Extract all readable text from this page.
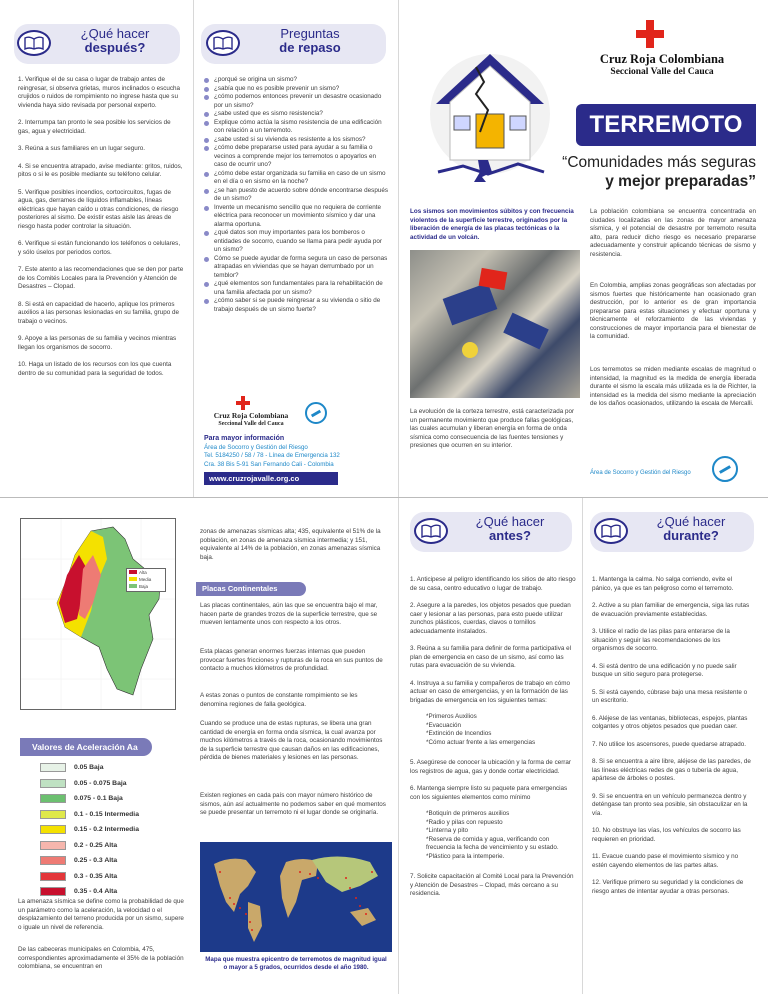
¿Qué hacer
después?
1. Verifique el de su casa o lugar de trabajo antes de reingresar, si observa grietas, muros inclinados o escucha crujidos o ruidos de rompimiento no ingrese hasta que su vivienda haya sido revisada por personal experto.
2. Interrumpa tan pronto le sea posible los servicios de gas, agua y electricidad.
3. Reúna a sus familiares en un lugar seguro.
4. Si se encuentra atrapado, avise mediante: gritos, ruidos, pitos o si le es posible mediante su teléfono celular.
5. Verifique posibles incendios, cortocircuitos, fugas de agua, gas, derrames de líquidos inflamables, líneas eléctricas que hayan caído u otras condiciones, de riesgo posteriores al sismo. De existir estas aisle las áreas de riesgo hasta poder controlar la situación.
6. Verifique si están funcionando los teléfonos o celulares, y sólo úselos por periodos cortos.
7. Este atento a las recomendaciones que se den por parte de los Comités Locales para la Prevención y Atención de Desastres – Clopad.
8. Si está en capacidad de hacerlo, aplique los primeros auxilios a las personas lesionadas en su familia, grupo de trabajo o vecinos.
9. Apoye a las personas de su familia y vecinos mientras llegan los organismos de socorro.
10. Haga un listado de los recursos con los que cuenta dentro de su comunidad para la seguridad de todos.
Preguntas
de repaso
¿porqué se origina un sismo?
¿sabía que no es posible prevenir un sismo?
¿cómo podemos entonces prevenir un desastre ocasionado por un sismo?
¿sabe usted que es sismo resistencia?
Explique cómo actúa la sismo resistencia de una edificación con relación a un terremoto.
¿sabe usted si su vivienda es resistente a los sismos?
¿cómo debe prepararse usted para ayudar a su familia o vecinos a comprende mejor los terremotos o apoyarlos en caso de ocurrir uno?
¿cómo debe estar organizada su familia en caso de un sismo en el día o en sismo en la noche?
¿se han puesto de acuerdo sobre dónde encontrarse después de un sismo?
Invente un mecanismo sencillo que no requiera de corriente eléctrica para reconocer un movimiento sísmico y dar una alarma oportuna.
¿qué datos son muy importantes para los bomberos o entidades de socorro, cuando se llama para pedir ayuda por un sismo?
Cómo se puede ayudar de forma segura un caso de personas atrapadas en viviendas que se hayan derrumbado por un temblor?
¿qué elementos son fundamentales para la rehabilitación de una familia afectada por un sismo?
¿cómo saber si se puede reingresar a su vivienda o sitio de trabajo después de un sismo fuerte?
Cruz Roja Colombiana
Seccional Valle del Cauca
Para mayor información
Área de Socorro y Gestión del Riesgo
Tel. 5184250 / 58 / 78 - Línea de Emergencia 132
Cra. 38 Bis 5-91 San Fernando Cali - Colombia
www.cruzrojavalle.org.co
Cruz Roja Colombiana
Seccional Valle del Cauca
TERREMOTO
“Comunidades más seguras
y mejor preparadas”
Los sismos son movimientos súbitos y con frecuencia violentos de la superficie terrestre, originados por la liberación de energía de las placas tectónicas o la actividad de un volcán.
La evolución de la corteza terrestre, está caracterizada por un permanente movimiento que produce fallas geológicas, las cuales acumulan y liberan energía en forma de onda sísmica como consecuencia de las fuentes tensiones y presiones que ocurren en su interior.
La población colombiana se encuentra concentrada en ciudades localizadas en las zonas de mayor amenaza sísmica, y el potencial de desastre por terremoto resulta alto, para reducir dicho riesgo es necesario prepararse adecuadamente y construir aplicando técnicas de sismo y resistencia.
En Colombia, amplias zonas geográficas son afectadas por sismos fuertes que históricamente han ocasionado gran destrucción, por lo anterior es de gran importancia prepararse para estas situaciones y efectuar oportuna y técnicamente el reforzamiento de las viviendas y construcciones de mayor importancia para el bienestar de la comunidad.
Los terremotos se miden mediante escalas de magnitud o intensidad, la magnitud es la medida de energía liberada durante el sismo la escala más utilizada es la de Richter, la intensidad es la medida del sismo mediante la apreciación de los daños ocasionados, utilizando la escala de Mercalli.
Área de Socorro y Gestión del Riesgo
Alta
Media
Baja
Valores de Aceleración Aa
0.05 Baja
0.05 - 0.075 Baja
0.075 - 0.1 Baja
0.1 - 0.15 Intermedia
0.15 - 0.2 Intermedia
0.2 - 0.25 Alta
0.25 - 0.3 Alta
0.3 - 0.35 Alta
0.35 - 0.4 Alta
La amenaza sísmica se define como la probabilidad de que un parámetro como la aceleración, la velocidad o el desplazamiento del terreno producida por un sismo, supere o iguale un nivel de referencia.
De las cabeceras municipales en Colombia, 475, correspondientes aproximadamente el 35% de la población colombiana, se encuentran en
zonas de amenazas sísmicas alta; 435, equivalente el 51% de la población, en zonas de amenaza sísmica intermedia; y 151, equivalente al 14% de la población, en zonas amenazas sísmica baja.
Placas Continentales
Las placas continentales, aún las que se encuentra bajo el mar, hacen parte de grandes trozos de la superficie terrestre, que se mueven lentamente unos con respecto a los otros.
Esta placas generan enormes fuerzas internas que pueden provocar fuertes fricciones y rupturas de la roca en sus puntos de contacto a muchos kilómetros de profundidad.
A estas zonas o puntos de constante rompimiento se les denomina regiones de falla geológica.
Cuando se produce una de estas rupturas, se libera una gran cantidad de energía en forma onda sísmica, la cual avanza por muchos kilómetros a través de la roca, ocasionando movimientos de la superficie terrestre que causan daños en las edificaciones, pérdida de bienes materiales y lesiones en las personas.
Existen regiones en cada país con mayor número histórico de sismos, aún así actualmente no podemos saber en qué momentos se puede presentar un terremoto ni el lugar donde se originaría.
Mapa que muestra epicentro de terremotos de magnitud igual o mayor a 5 grados, ocurridos desde el año 1980.
¿Qué hacer
antes?
1. Anticipese al peligro identificando los sitios de alto riesgo de su casa, centro educativo o lugar de trabajo.
2. Asegure a la paredes, los objetos pesados que puedan caer y lesionar a las personas, para esto puede utilizar zunchos plásticos, cuerdas, clavos o tornillos adecuadamente instalados.
3. Reúna a su familia para definir de forma participativa el plan de emergencia en caso de un sismo, así como las rutas para evacuación de su vivienda.
4. Instruya a su familia y compañeros de trabajo en cómo actuar en caso de emergencias, y en la formación de las brigadas de emergencia en los siguientes temas:
*Primeros Auxilios
*Evacuación
*Extinción de Incendios
*Cómo actuar frente a las emergencias
5. Asegúrese de conocer la ubicación y la forma de cerrar los registros de agua, gas y donde cortar electricidad.
6. Mantenga siempre listo su paquete para emergencias con los siguientes elementos como mínimo
*Botiquín de primeros auxilios
*Radio y pilas con repuesto
*Linterna y pito
*Reserva de comida y agua, verificando con frecuencia la fecha de vencimiento y su estado.
*Plástico para la intemperie.
7. Solicite capacitación al Comité Local para la Prevención y Atención de Desastres – Clopad, más cercano a su residencia.
¿Qué hacer
durante?
1. Mantenga la calma. No salga corriendo, evite el pánico, ya que es tan peligroso como el terremoto.
2. Active a su plan familiar de emergencia, siga las rutas de evacuación previamente establecidas.
3. Utilice el radio de las pilas para enterarse de la situación y seguir las recomendaciones de los organismos de socorro.
4. Si está dentro de una edificación y no puede salir busque un sitio seguro para protegerse.
5. Si está cayendo, cúbrase bajo una mesa resistente o un escritorio.
6. Aléjese de las ventanas, bibliotecas, espejos, plantas colgantes y otros objetos pesados que puedan caer.
7. No utilice los ascensores, puede quedarse atrapado.
8. Si se encuentra a aire libre, aléjese de las paredes, de las líneas eléctricas redes de gas o tubería de agua, apártese de árboles o postes.
9. Si se encuentra en un vehículo permanezca dentro y deténgase tan pronto sea posible, sin obstaculizar en la vía.
10. No obstruye las vías, los vehículos de socorro las requieren en prioridad.
11. Evacue cuando pase el movimiento sísmico y no estén cayendo elementos de las partes altas.
12. Verifique primero su seguridad y la condiciones de riesgo antes de intentar ayudar a otras personas.
